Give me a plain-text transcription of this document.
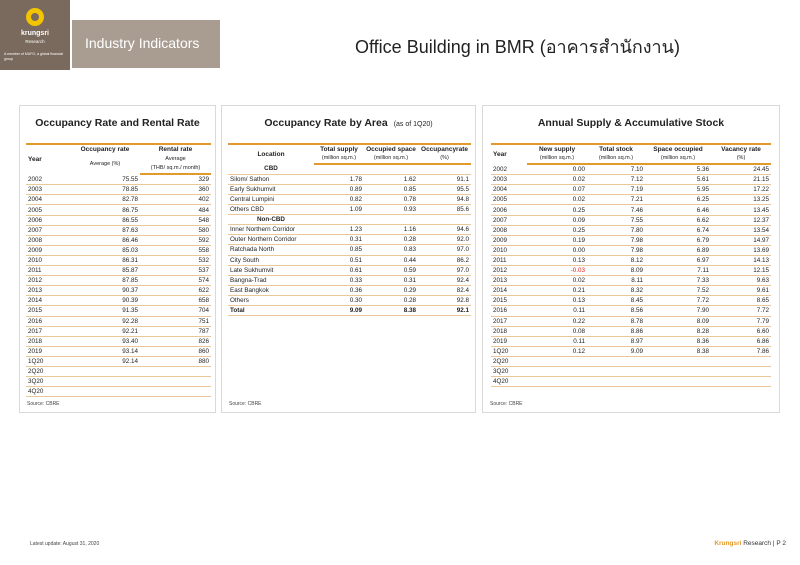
krungsri
Research
A member of MUFG, a global financial group
Industry Indicators	Office Building in BMR (อาคารสำนักงาน)
Occupancy Rate and Rental Rate
Year	Occupancy rate	Rental rate
	Average (%)	Average
		(THB/ sq.m./ month)
2002	75.55	329
2003	78.85	360
2004	82.78	402
2005	86.75	484
2006	86.55	548
2007	87.63	580
2008	86.46	592
2009	85.03	558
2010	86.31	532
2011	85.87	537
2012	87.85	574
2013	90.37	622
2014	90.39	658
2015	91.35	704
2016	92.28	751
2017	92.21	787
2018	93.40	826
2019	93.14	860
1Q20	92.14	880
2Q20		
3Q20		
4Q20		
Source: CBRE
Occupancy Rate by Area (as of 1Q20)
Location	Total supply	Occupied space	Occupancyrate
	(million sq.m.)	(million sq.m.)	(%)
CBD			
Silom/ Sathon	1.78	1.62	91.1
Early Sukhumvit	0.89	0.85	95.5
Central Lumpini	0.82	0.78	94.8
Others CBD	1.09	0.93	85.6
Non-CBD			
Inner Northern Corridor	1.23	1.16	94.6
Outer Northern Corridor	0.31	0.28	92.0
Ratchada North	0.85	0.83	97.0
City South	0.51	0.44	86.2
Late Sukhumvit	0.61	0.59	97.0
Bangna-Trad	0.33	0.31	92.4
East Bangkok	0.36	0.29	82.4
Others	0.30	0.28	92.8
Total	9.09	8.38	92.1
Source: CBRE
Annual Supply & Accumulative Stock
Year	New supply	Total stock	Space occupied	Vacancy rate
	(million sq.m.)	(million sq.m.)	(million sq.m.)	(%)
2002	0.00	7.10	5.36	24.45
2003	0.02	7.12	5.61	21.15
2004	0.07	7.19	5.95	17.22
2005	0.02	7.21	6.25	13.25
2006	0.25	7.46	6.46	13.45
2007	0.09	7.55	6.62	12.37
2008	0.25	7.80	6.74	13.54
2009	0.19	7.98	6.79	14.97
2010	0.00	7.98	6.89	13.69
2011	0.13	8.12	6.97	14.13
2012	-0.03	8.09	7.11	12.15
2013	0.02	8.11	7.33	9.63
2014	0.21	8.32	7.52	9.61
2015	0.13	8.45	7.72	8.65
2016	0.11	8.56	7.90	7.72
2017	0.22	8.78	8.09	7.79
2018	0.08	8.86	8.28	6.60
2019	0.11	8.97	8.36	6.86
1Q20	0.12	9.09	8.38	7.86
2Q20				
3Q20				
4Q20				
Source: CBRE
Latest update: August 31, 2020	Krungsri Research | P 2
